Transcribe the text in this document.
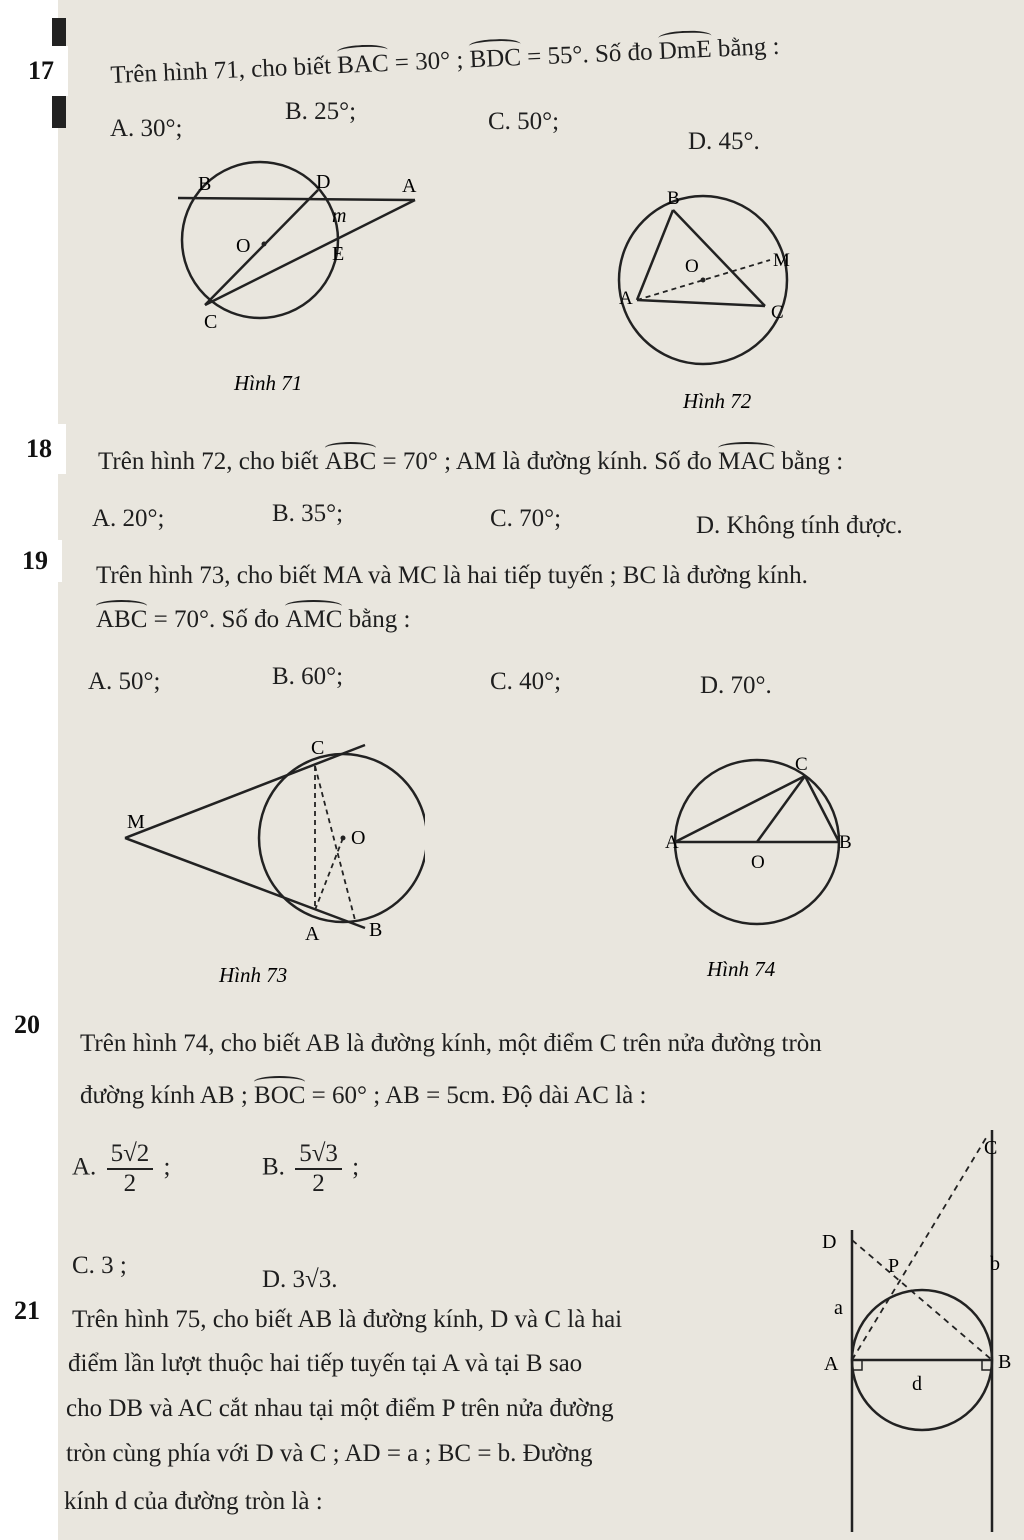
17	Trên hình 71, cho biết BAC = 30° ; BDC = 55°. Số đo DmE bằng :
A. 30°;
B. 25°;	C. 50°;
D. 45°.
B	D	A
m
O	E
C
Hình 71
B
O	M
A
C
Hình 72
18	Trên hình 72, cho biết ABC = 70° ; AM là đường kính. Số đo MAC bằng :
A. 20°;	B. 35°;	C. 70°;	D. Không tính được.
19
Trên hình 73, cho biết MA và MC là hai tiếp tuyến ; BC là đường kính.
ABC = 70°. Số đo AMC bằng :
A. 50°;	B. 60°;	C. 40°;	D. 70°.
C
M
O
A B
Hình 73
C
A
O
B
Hình 74
20
Trên hình 74, cho biết AB là đường kính, một điểm C trên nửa đường tròn
đường kính AB ; BOC = 60° ; AB = 5cm. Độ dài AC là :
A. $\frac{5√2}{2}$ ;	B. $\frac{5√3}{2}$ ;
C. 3 ;
D. 3√3.
21	Trên hình 75, cho biết AB là đường kính, D và C là hai
điểm lần lượt thuộc hai tiếp tuyến tại A và tại B sao
cho DB và AC cắt nhau tại một điểm P trên nửa đường
tròn cùng phía với D và C ; AD = a ; BC = b. Đường
kính d của đường tròn là :
C
D
P	b
a
A	B
d
